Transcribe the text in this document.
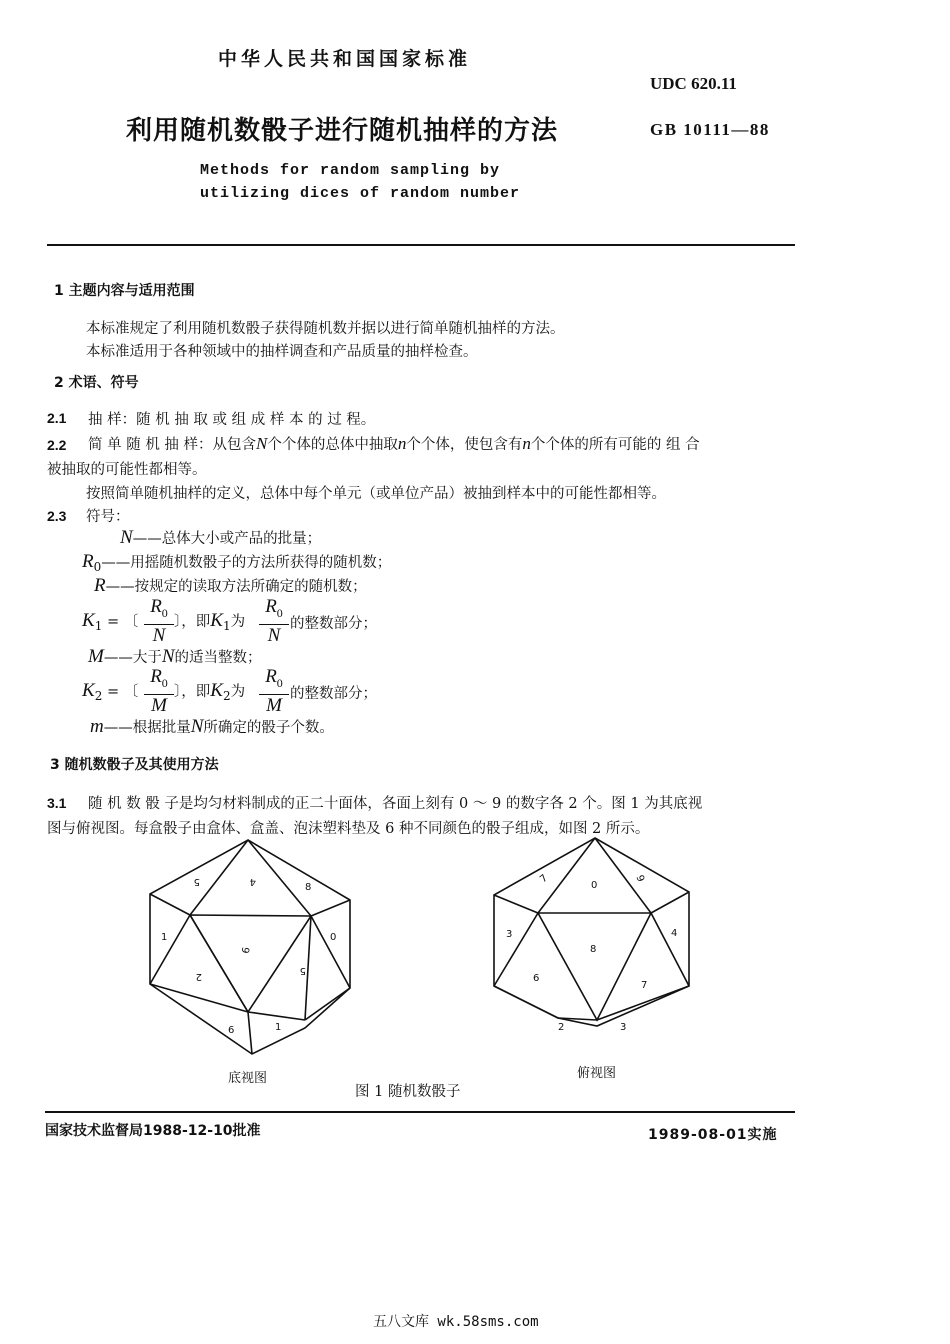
中华人民共和国国家标准
UDC 620.11
利用随机数骰子进行随机抽样的方法	GB 10111—88
Methods for random sampling by
utilizing dices of random number
1 主题内容与适用范围
本标准规定了利用随机数骰子获得随机数并据以进行简单随机抽样的方法。
本标准适用于各种领域中的抽样调查和产品质量的抽样检查。
2 术语、符号
2.1 抽 样：随 机 抽 取 或 组 成 样 本 的 过 程。
2.2 简 单 随 机 抽 样：从包含N个个体的总体中抽取n个个体，使包含有n个个体的所有可能的 组 合
被抽取的可能性都相等。
按照简单随机抽样的定义，总体中每个单元（或单位产品）被抽到样本中的可能性都相等。
2.3 符号：
N——总体大小或产品的批量；
$R_0——$用摇随机数骰子的方法所获得的随机数；
R——按规定的读取方法所确定的随机数；
$K_1$ = 〔
$R_0$
N
〕，即$K_1$为
$R_0$
N
的整数部分；
M——大于N的适当整数；
$K_2$ = 〔
$R_0$
M
〕，即$K_2$为
$R_0$
M
的整数部分；
m——根据批量N所确定的骰子个数。
3 随机数骰子及其使用方法
3.1 随 机 数 骰 子是均匀材料制成的正二十面体，各面上刻有 0 ～ 9 的数字各 2 个。图 1 为其底视
图与俯视图。每盒骰子由盒体、盒盖、泡沫塑料垫及 6 种不同颜色的骰子组成，如图 2 所示。
5	4
8
1
9
0
2
5
6	1
7
0
9
3
8
4
6
7
2	3
底视图	俯视图
图 1 随机数骰子
国家技术监督局1988-12-10批准	1989-08-01实施
五八文库 wk.58sms.com
